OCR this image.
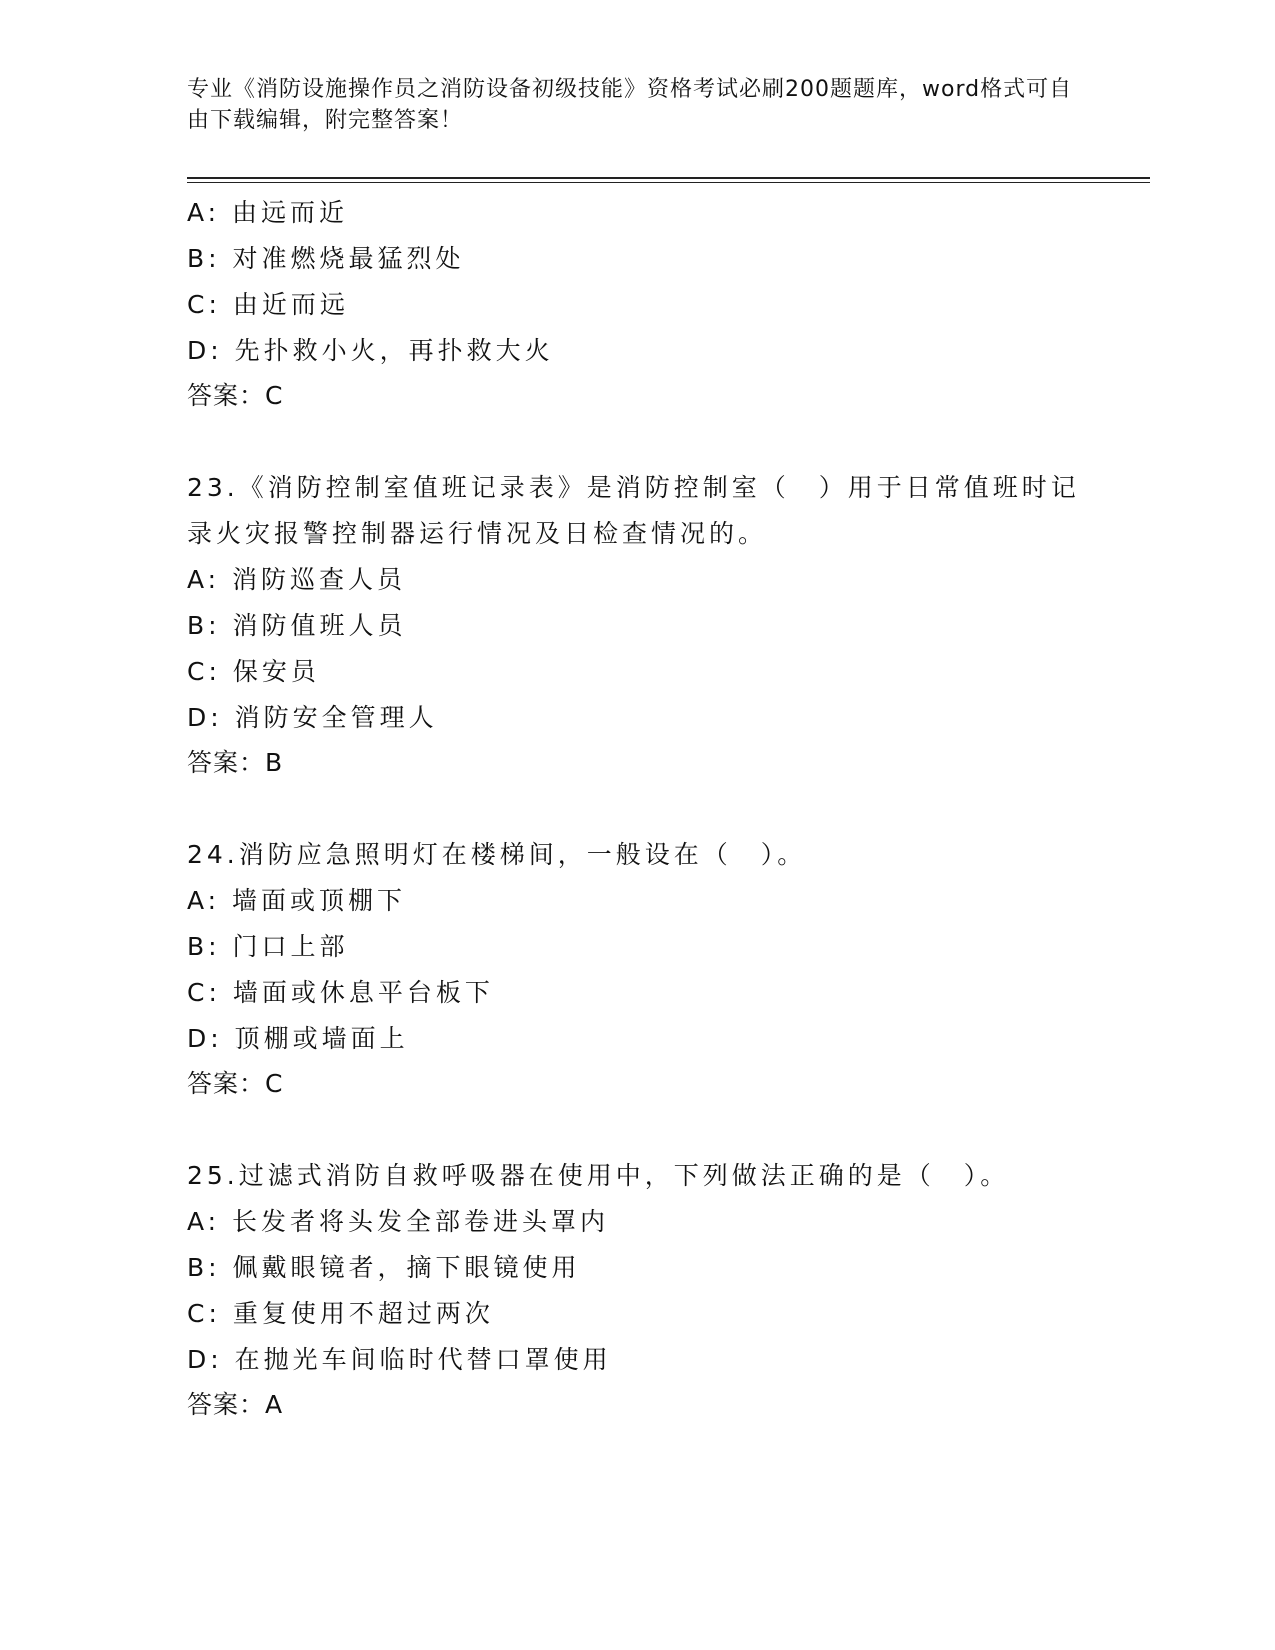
专业《消防设施操作员之消防设备初级技能》资格考试必刷200题题库，word格式可自由下载编辑，附完整答案！
A: 由远而近
B: 对准燃烧最猛烈处
C: 由近而远
D: 先扑救小火，再扑救大火
答案：C
23.《消防控制室值班记录表》是消防控制室（　）用于日常值班时记录火灾报警控制器运行情况及日检查情况的。
A: 消防巡查人员
B: 消防值班人员
C: 保安员
D: 消防安全管理人
答案：B
24.消防应急照明灯在楼梯间，一般设在（　）。
A: 墙面或顶棚下
B: 门口上部
C: 墙面或休息平台板下
D: 顶棚或墙面上
答案：C
25.过滤式消防自救呼吸器在使用中，下列做法正确的是（　）。
A: 长发者将头发全部卷进头罩内
B: 佩戴眼镜者，摘下眼镜使用
C: 重复使用不超过两次
D: 在抛光车间临时代替口罩使用
答案：A
